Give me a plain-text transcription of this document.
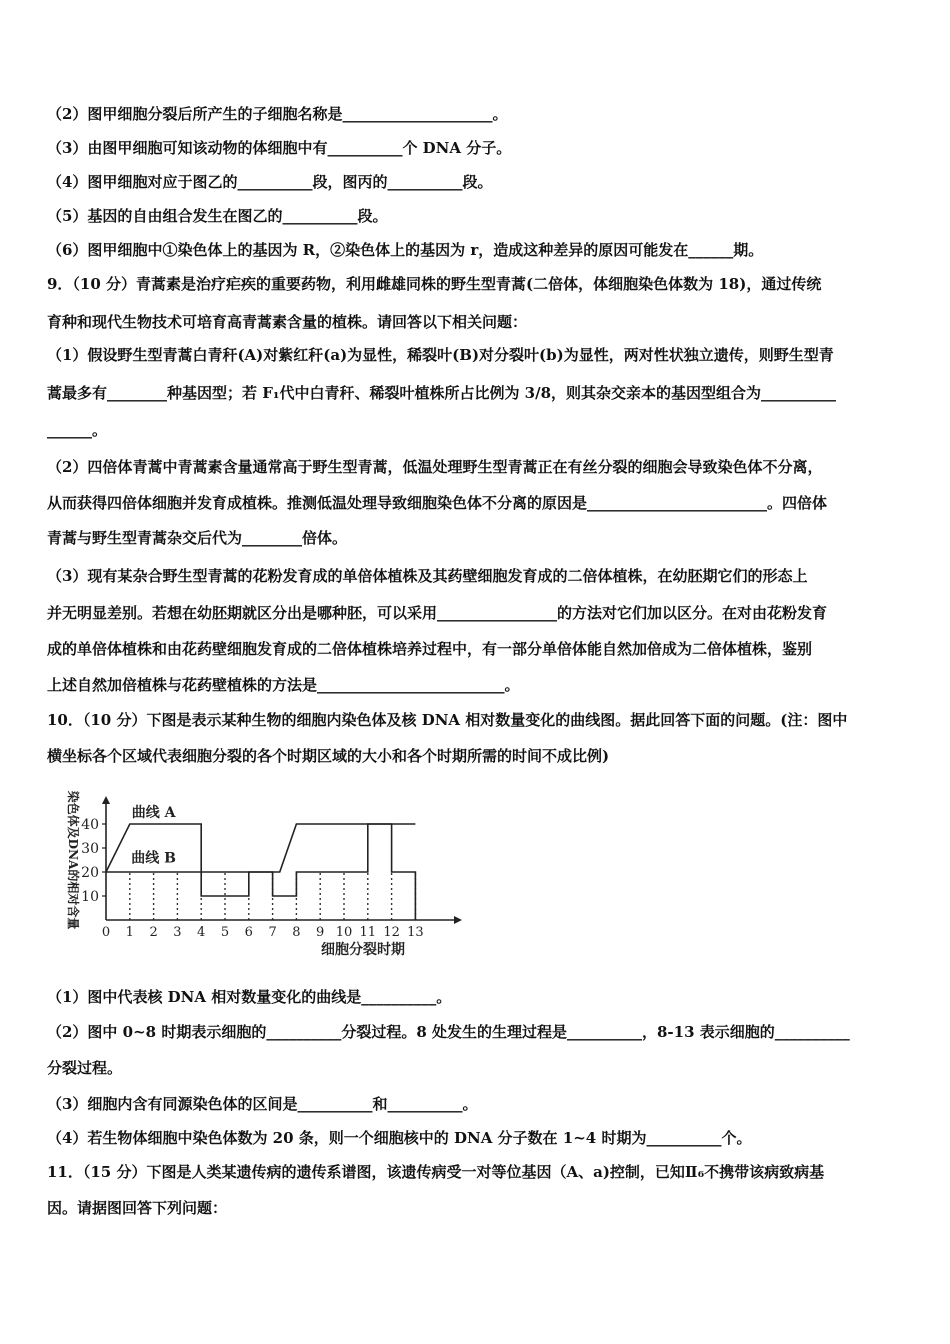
（2）图甲细胞分裂后所产生的子细胞名称是____________________。
（3）由图甲细胞可知该动物的体细胞中有__________个 DNA 分子。
（4）图甲细胞对应于图乙的__________段，图丙的__________段。
（5）基因的自由组合发生在图乙的__________段。
（6）图甲细胞中①染色体上的基因为 R，②染色体上的基因为 r，造成这种差异的原因可能发在______期。
9．（10 分）青蒿素是治疗疟疾的重要药物，利用雌雄同株的野生型青蒿(二倍体，体细胞染色体数为 18)，通过传统
育种和现代生物技术可培育高青蒿素含量的植株。请回答以下相关问题：
（1）假设野生型青蒿白青秆(A)对紫红秆(a)为显性，稀裂叶(B)对分裂叶(b)为显性，两对性状独立遗传，则野生型青
蒿最多有________种基因型；若 F₁代中白青秆、稀裂叶植株所占比例为 3/8，则其杂交亲本的基因型组合为__________
______。
（2）四倍体青蒿中青蒿素含量通常高于野生型青蒿，低温处理野生型青蒿正在有丝分裂的细胞会导致染色体不分离，
从而获得四倍体细胞并发育成植株。推测低温处理导致细胞染色体不分离的原因是________________________。四倍体
青蒿与野生型青蒿杂交后代为________倍体。
（3）现有某杂合野生型青蒿的花粉发育成的单倍体植株及其药壁细胞发育成的二倍体植株，在幼胚期它们的形态上
并无明显差别。若想在幼胚期就区分出是哪种胚，可以采用________________的方法对它们加以区分。在对由花粉发育
成的单倍体植株和由花药壁细胞发育成的二倍体植株培养过程中，有一部分单倍体能自然加倍成为二倍体植株，鉴别
上述自然加倍植株与花药壁植株的方法是_________________________。
10．（10 分）下图是表示某种生物的细胞内染色体及核 DNA 相对数量变化的曲线图。据此回答下面的问题。(注：图中
横坐标各个区域代表细胞分裂的各个时期区域的大小和各个时期所需的时间不成比例)
10
20
30
40
0 1 2 3 4 5 6 7 8 9 10 11 12 13
曲线 A
曲线 B
细胞分裂时期
染色体及DNA的相对含量
（1）图中代表核 DNA 相对数量变化的曲线是__________。
（2）图中 0~8 时期表示细胞的__________分裂过程。8 处发生的生理过程是__________，8-13 表示细胞的__________
分裂过程。
（3）细胞内含有同源染色体的区间是__________和__________。
（4）若生物体细胞中染色体数为 20 条，则一个细胞核中的 DNA 分子数在 1~4 时期为__________个。
11．（15 分）下图是人类某遗传病的遗传系谱图，该遗传病受一对等位基因（A、a)控制，已知Ⅱ₆不携带该病致病基
因。请据图回答下列问题：
